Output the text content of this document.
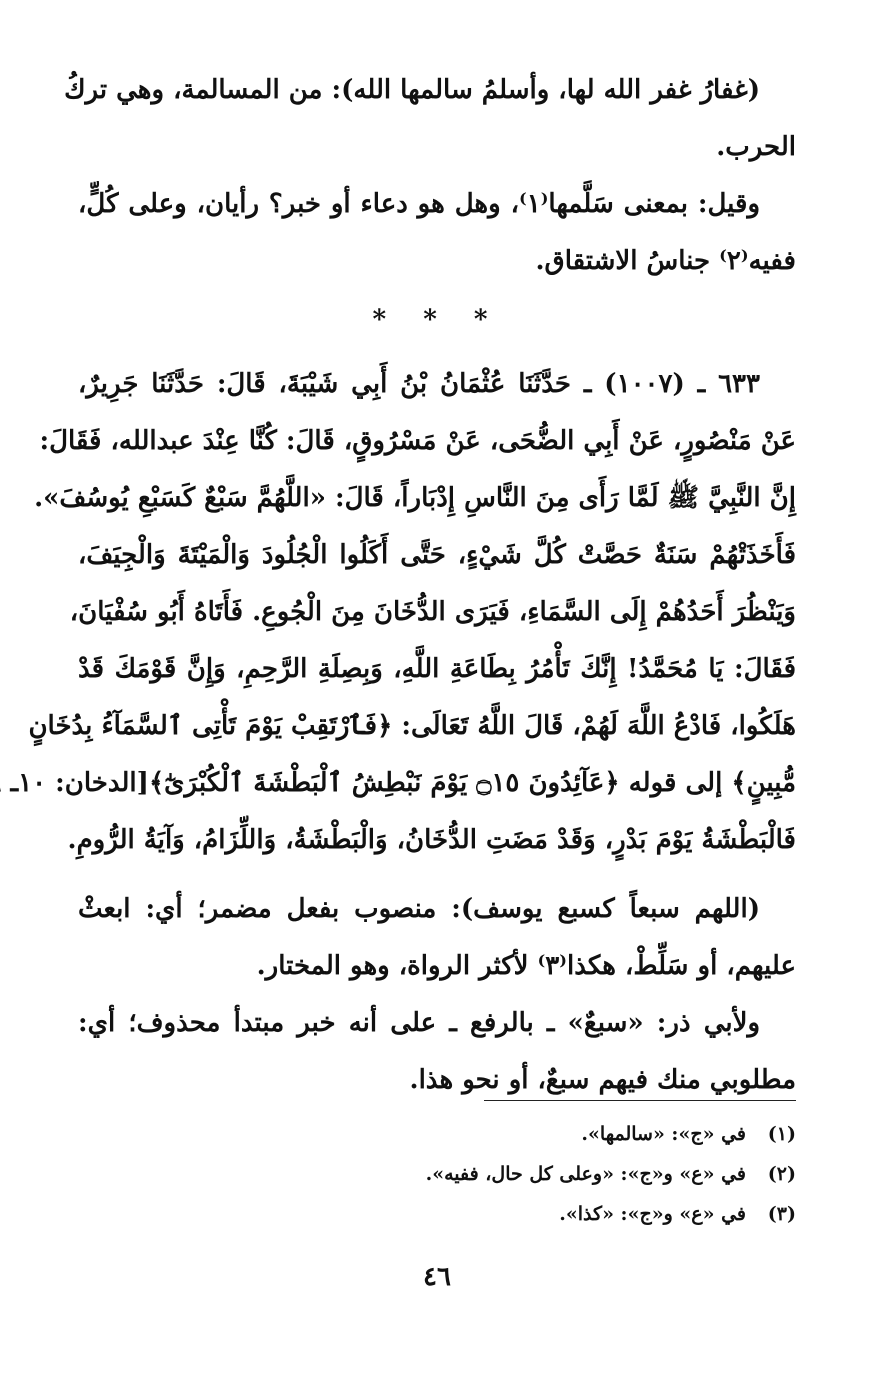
(غفارُ غفر الله لها، وأسلمُ سالمها الله): من المسالمة، وهي تركُ
الحرب.
وقيل: بمعنى سَلَّمها⁽١⁾، وهل هو دعاء أو خبر؟ رأيان، وعلى كُلٍّ،
ففيه⁽٢⁾ جناسُ الاشتقاق.
* * *
٦٣٣ ـ (١٠٠٧) ـ حَدَّثَنَا عُثْمَانُ بْنُ أَبِي شَيْبَةَ، قَالَ: حَدَّثَنَا جَرِيرٌ،
عَنْ مَنْصُورٍ، عَنْ أَبِي الضُّحَى، عَنْ مَسْرُوقٍ، قَالَ: كُنَّا عِنْدَ عبدالله، فَقَالَ:
إِنَّ النَّبِيَّ ﷺ لَمَّا رَأَى مِنَ النَّاسِ إِدْبَاراً، قَالَ: «اللَّهُمَّ سَبْعٌ كَسَبْعِ يُوسُفَ».
فَأَخَذَتْهُمْ سَنَةٌ حَصَّتْ كُلَّ شَيْءٍ، حَتَّى أَكَلُوا الْجُلُودَ وَالْمَيْتَةَ وَالْجِيَفَ،
وَيَنْظُرَ أَحَدُهُمْ إِلَى السَّمَاءِ، فَيَرَى الدُّخَانَ مِنَ الْجُوعِ. فَأَتَاهُ أَبُو سُفْيَانَ،
فَقَالَ: يَا مُحَمَّدُ! إِنَّكَ تَأْمُرُ بِطَاعَةِ اللَّهِ، وَبِصِلَةِ الرَّحِمِ، وَإِنَّ قَوْمَكَ قَدْ
هَلَكُوا، فَادْعُ اللَّهَ لَهُمْ، قَالَ اللَّهُ تَعَالَى: ﴿فَٱرْتَقِبْ يَوْمَ تَأْتِى ٱلسَّمَآءُ بِدُخَانٍ
مُّبِينٍ﴾ إلى قوله ﴿عَآئِدُونَ ۝١٥ يَوْمَ نَبْطِشُ ٱلْبَطْشَةَ ٱلْكُبْرَىٰٓ﴾[الدخان: ١٠ـ
فَالْبَطْشَةُ يَوْمَ بَدْرٍ، وَقَدْ مَضَتِ الدُّخَانُ، وَالْبَطْشَةُ، وَاللِّزَامُ، وَآيَةُ الرُّومِ.
(اللهم سبعاً كسبع يوسف): منصوب بفعل مضمر؛ أي: ابعثْ
عليهم، أو سَلِّطْ، هكذا⁽٣⁾ لأكثر الرواة، وهو المختار.
ولأبي ذر: «سبعٌ» ـ بالرفع ـ على أنه خبر مبتدأ محذوف؛ أي:
مطلوبي منك فيهم سبعٌ، أو نحو هذا.
(١)
في «ج»: «سالمها».
(٢)
في «ع» و«ج»: «وعلى كل حال، ففيه».
(٣)
في «ع» و«ج»: «كذا».
٤٦
